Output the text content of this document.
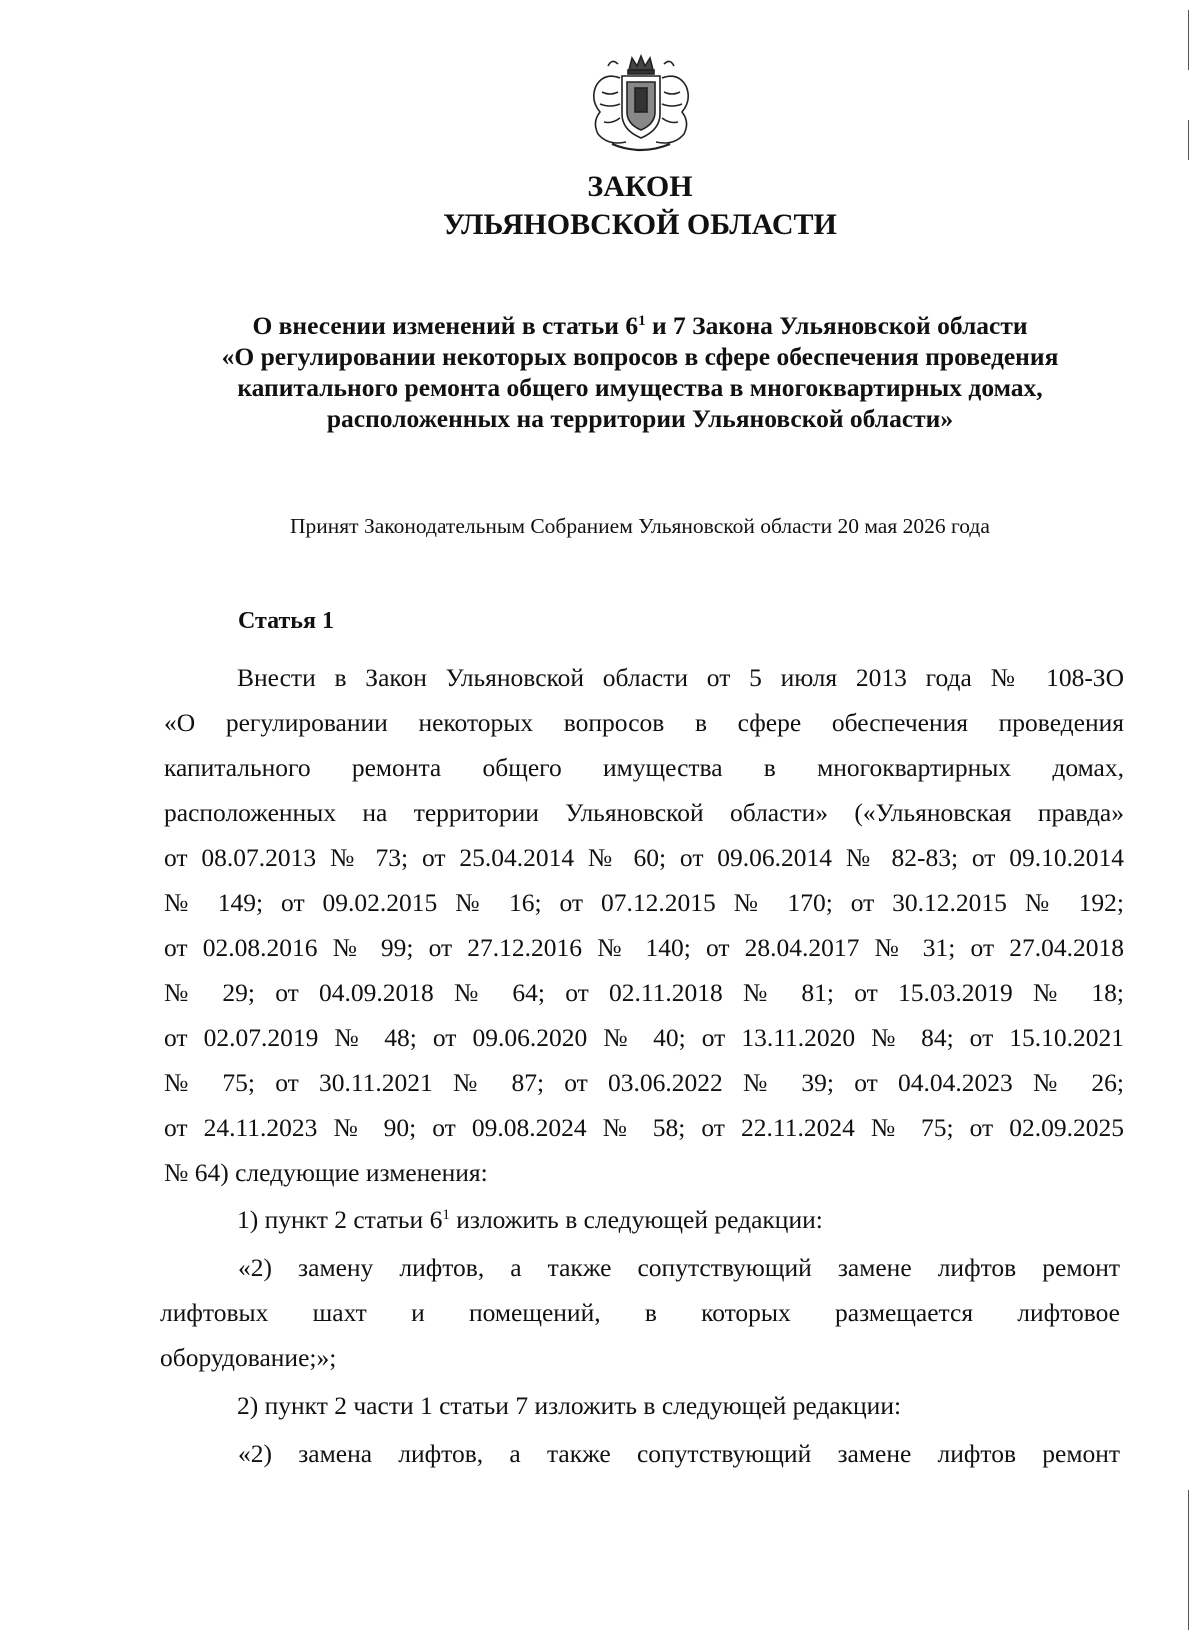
ЗАКОН
УЛЬЯНОВСКОЙ ОБЛАСТИ
О внесении изменений в статьи $6^1$ и 7 Закона Ульяновской области
«О регулировании некоторых вопросов в сфере обеспечения проведения
капитального ремонта общего имущества в многоквартирных домах,
расположенных на территории Ульяновской области»
Принят Законодательным Собранием Ульяновской области 20 мая 2026 года
Статья 1
Внести в Закон Ульяновской области от 5 июля 2013 года № 108-ЗО
«О регулировании некоторых вопросов в сфере обеспечения проведения
капитального ремонта общего имущества в многоквартирных домах,
расположенных на территории Ульяновской области» («Ульяновская правда»
от 08.07.2013 № 73; от 25.04.2014 № 60; от 09.06.2014 № 82-83; от 09.10.2014
№ 149; от 09.02.2015 № 16; от 07.12.2015 № 170; от 30.12.2015 № 192;
от 02.08.2016 № 99; от 27.12.2016 № 140; от 28.04.2017 № 31; от 27.04.2018
№ 29; от 04.09.2018 № 64; от 02.11.2018 № 81; от 15.03.2019 № 18;
от 02.07.2019 № 48; от 09.06.2020 № 40; от 13.11.2020 № 84; от 15.10.2021
№ 75; от 30.11.2021 № 87; от 03.06.2022 № 39; от 04.04.2023 № 26;
от 24.11.2023 № 90; от 09.08.2024 № 58; от 22.11.2024 № 75; от 02.09.2025
№ 64) следующие изменения:
1) пункт 2 статьи $6^1$ изложить в следующей редакции:
«2) замену лифтов, а также сопутствующий замене лифтов ремонт
лифтовых шахт и помещений, в которых размещается лифтовое
оборудование;»;
2) пункт 2 части 1 статьи 7 изложить в следующей редакции:
«2) замена лифтов, а также сопутствующий замене лифтов ремонт
